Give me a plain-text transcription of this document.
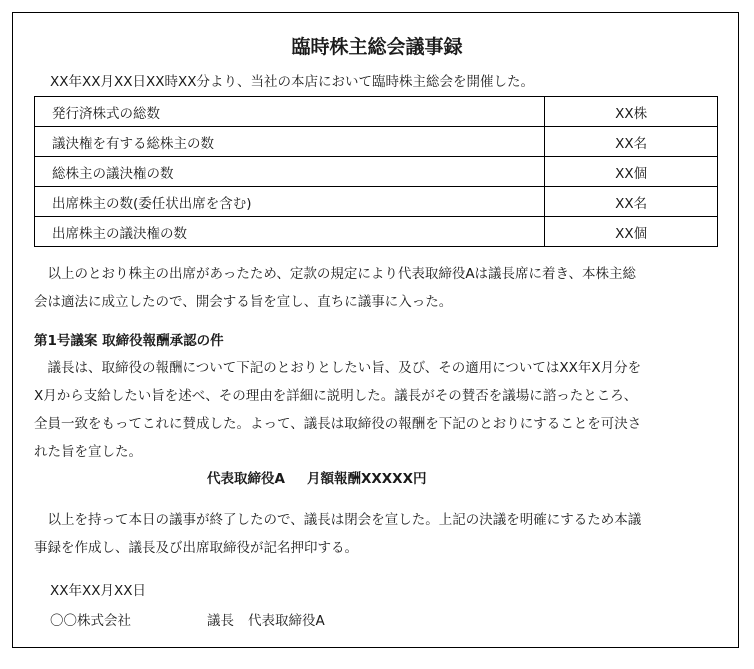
臨時株主総会議事録
XX年XX月XX日XX時XX分より、当社の本店において臨時株主総会を開催した。
発行済株式の総数	XX株
議決権を有する総株主の数	XX名
総株主の議決権の数	XX個
出席株主の数(委任状出席を含む)	XX名
出席株主の議決権の数	XX個
　以上のとおり株主の出席があったため、定款の規定により代表取締役Aは議長席に着き、本株主総
会は適法に成立したので、開会する旨を宣し、直ちに議事に入った。
第1号議案 取締役報酬承認の件
　議長は、取締役の報酬について下記のとおりとしたい旨、及び、その適用についてはXX年X月分を
X月から支給したい旨を述べ、その理由を詳細に説明した。議長がその賛否を議場に諮ったところ、
全員一致をもってこれに賛成した。よって、議長は取締役の報酬を下記のとおりにすることを可決さ
れた旨を宣した。
代表取締役A 月額報酬XXXXX円
　以上を持って本日の議事が終了したので、議長は閉会を宣した。上記の決議を明確にするため本議
事録を作成し、議長及び出席取締役が記名押印する。
XX年XX月XX日
〇〇株式会社	議長 代表取締役A
